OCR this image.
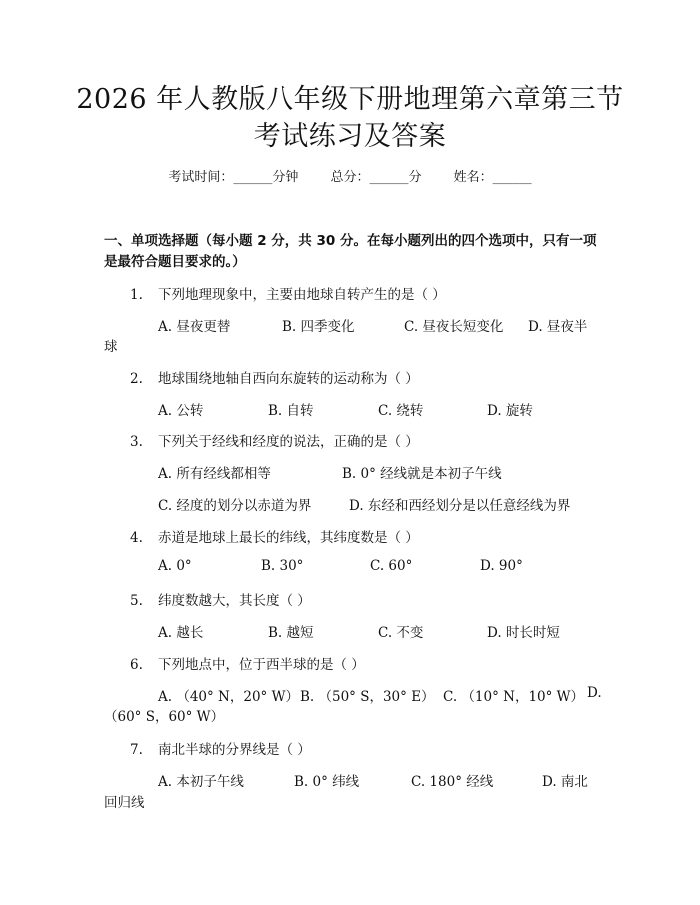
2026 年人教版八年级下册地理第六章第三节
考试练习及答案
考试时间：______分钟 总分：______分 姓名：______
一、单项选择题（每小题 2 分，共 30 分。在每小题列出的四个选项中，只有一项是最符合题目要求的。）
1. 下列地理现象中，主要由地球自转产生的是（ ）
A. 昼夜更替	B. 四季变化	C. 昼夜长短变化 D. 昼夜半
球
2. 地球围绕地轴自西向东旋转的运动称为（ ）
A. 公转	B. 自转	C. 绕转	D. 旋转
3. 下列关于经线和经度的说法，正确的是（ ）
A. 所有经线都相等	B. 0° 经线就是本初子午线
C. 经度的划分以赤道为界	D. 东经和西经划分是以任意经线为界
4. 赤道是地球上最长的纬线，其纬度数是（ ）
A. 0°	B. 30°	C. 60°	D. 90°
5. 纬度数越大，其长度（ ）
A. 越长	B. 越短	C. 不变	D. 时长时短
6. 下列地点中，位于西半球的是（ ）
A. （40° N，20° W） B. （50° S，30° E） C. （10° N，10° W） D.
（60° S，60° W）
7. 南北半球的分界线是（ ）
A. 本初子午线	B. 0° 纬线	C. 180° 经线	D. 南北
回归线
